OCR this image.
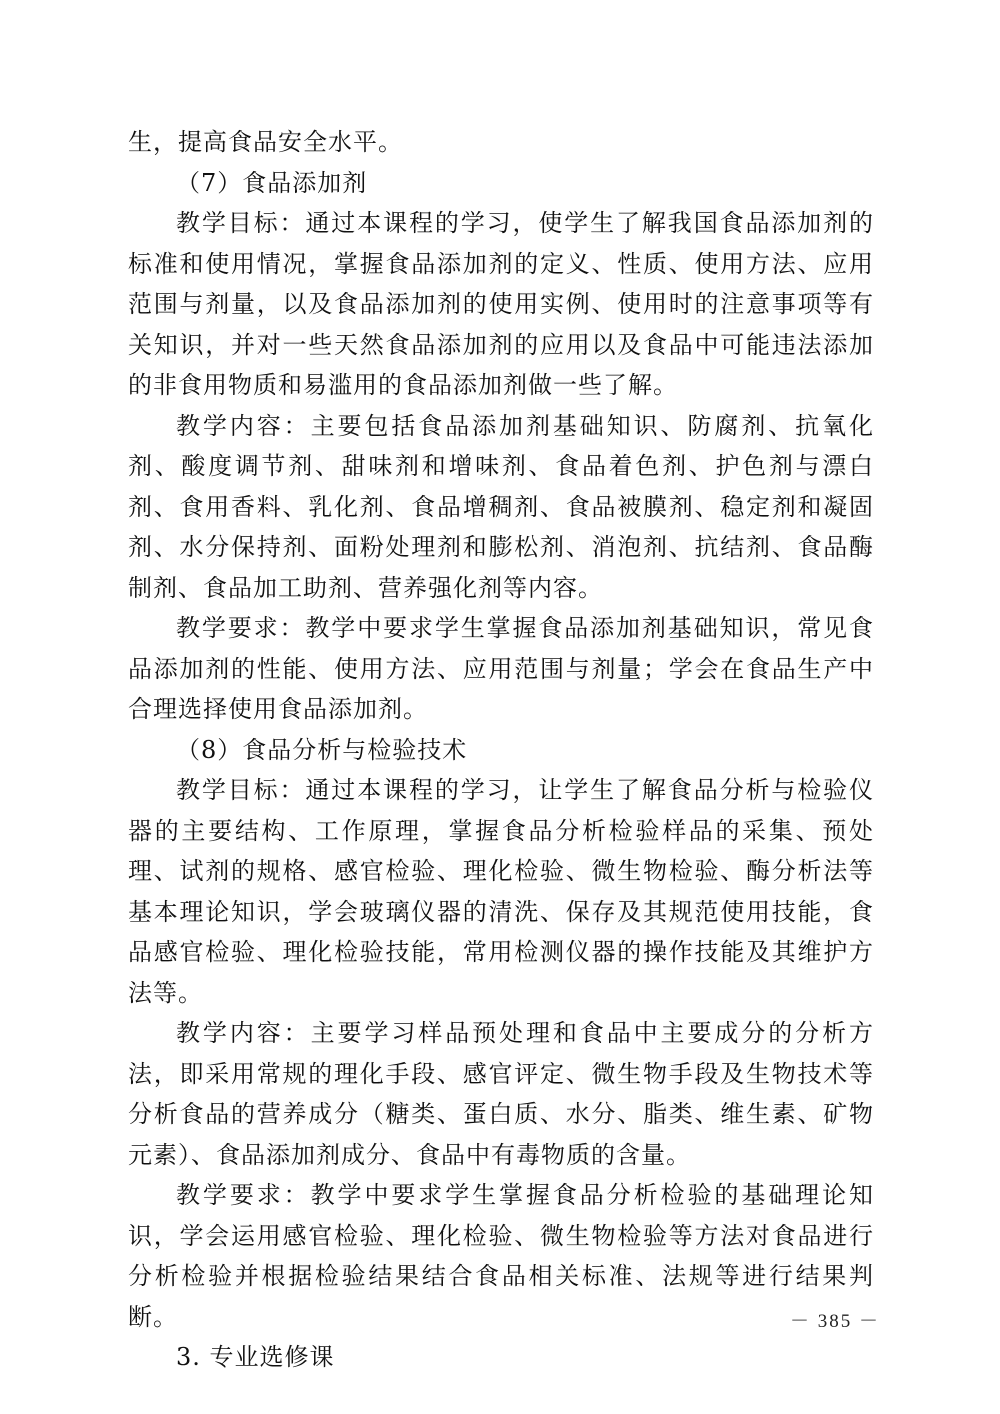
生，提高食品安全水平。

（7）食品添加剂

教学目标：通过本课程的学习，使学生了解我国食品添加剂的标准和使用情况，掌握食品添加剂的定义、性质、使用方法、应用范围与剂量，以及食品添加剂的使用实例、使用时的注意事项等有关知识，并对一些天然食品添加剂的应用以及食品中可能违法添加的非食用物质和易滥用的食品添加剂做一些了解。

教学内容：主要包括食品添加剂基础知识、防腐剂、抗氧化剂、酸度调节剂、甜味剂和增味剂、食品着色剂、护色剂与漂白剂、食用香料、乳化剂、食品增稠剂、食品被膜剂、稳定剂和凝固剂、水分保持剂、面粉处理剂和膨松剂、消泡剂、抗结剂、食品酶制剂、食品加工助剂、营养强化剂等内容。

教学要求：教学中要求学生掌握食品添加剂基础知识，常见食品添加剂的性能、使用方法、应用范围与剂量；学会在食品生产中合理选择使用食品添加剂。

（8）食品分析与检验技术

教学目标：通过本课程的学习，让学生了解食品分析与检验仪器的主要结构、工作原理，掌握食品分析检验样品的采集、预处理、试剂的规格、感官检验、理化检验、微生物检验、酶分析法等基本理论知识，学会玻璃仪器的清洗、保存及其规范使用技能，食品感官检验、理化检验技能，常用检测仪器的操作技能及其维护方法等。

教学内容：主要学习样品预处理和食品中主要成分的分析方法，即采用常规的理化手段、感官评定、微生物手段及生物技术等分析食品的营养成分（糖类、蛋白质、水分、脂类、维生素、矿物元素）、食品添加剂成分、食品中有毒物质的含量。

教学要求：教学中要求学生掌握食品分析检验的基础理论知识，学会运用感官检验、理化检验、微生物检验等方法对食品进行分析检验并根据检验结果结合食品相关标准、法规等进行结果判断。

3. 专业选修课

－ 385 －
